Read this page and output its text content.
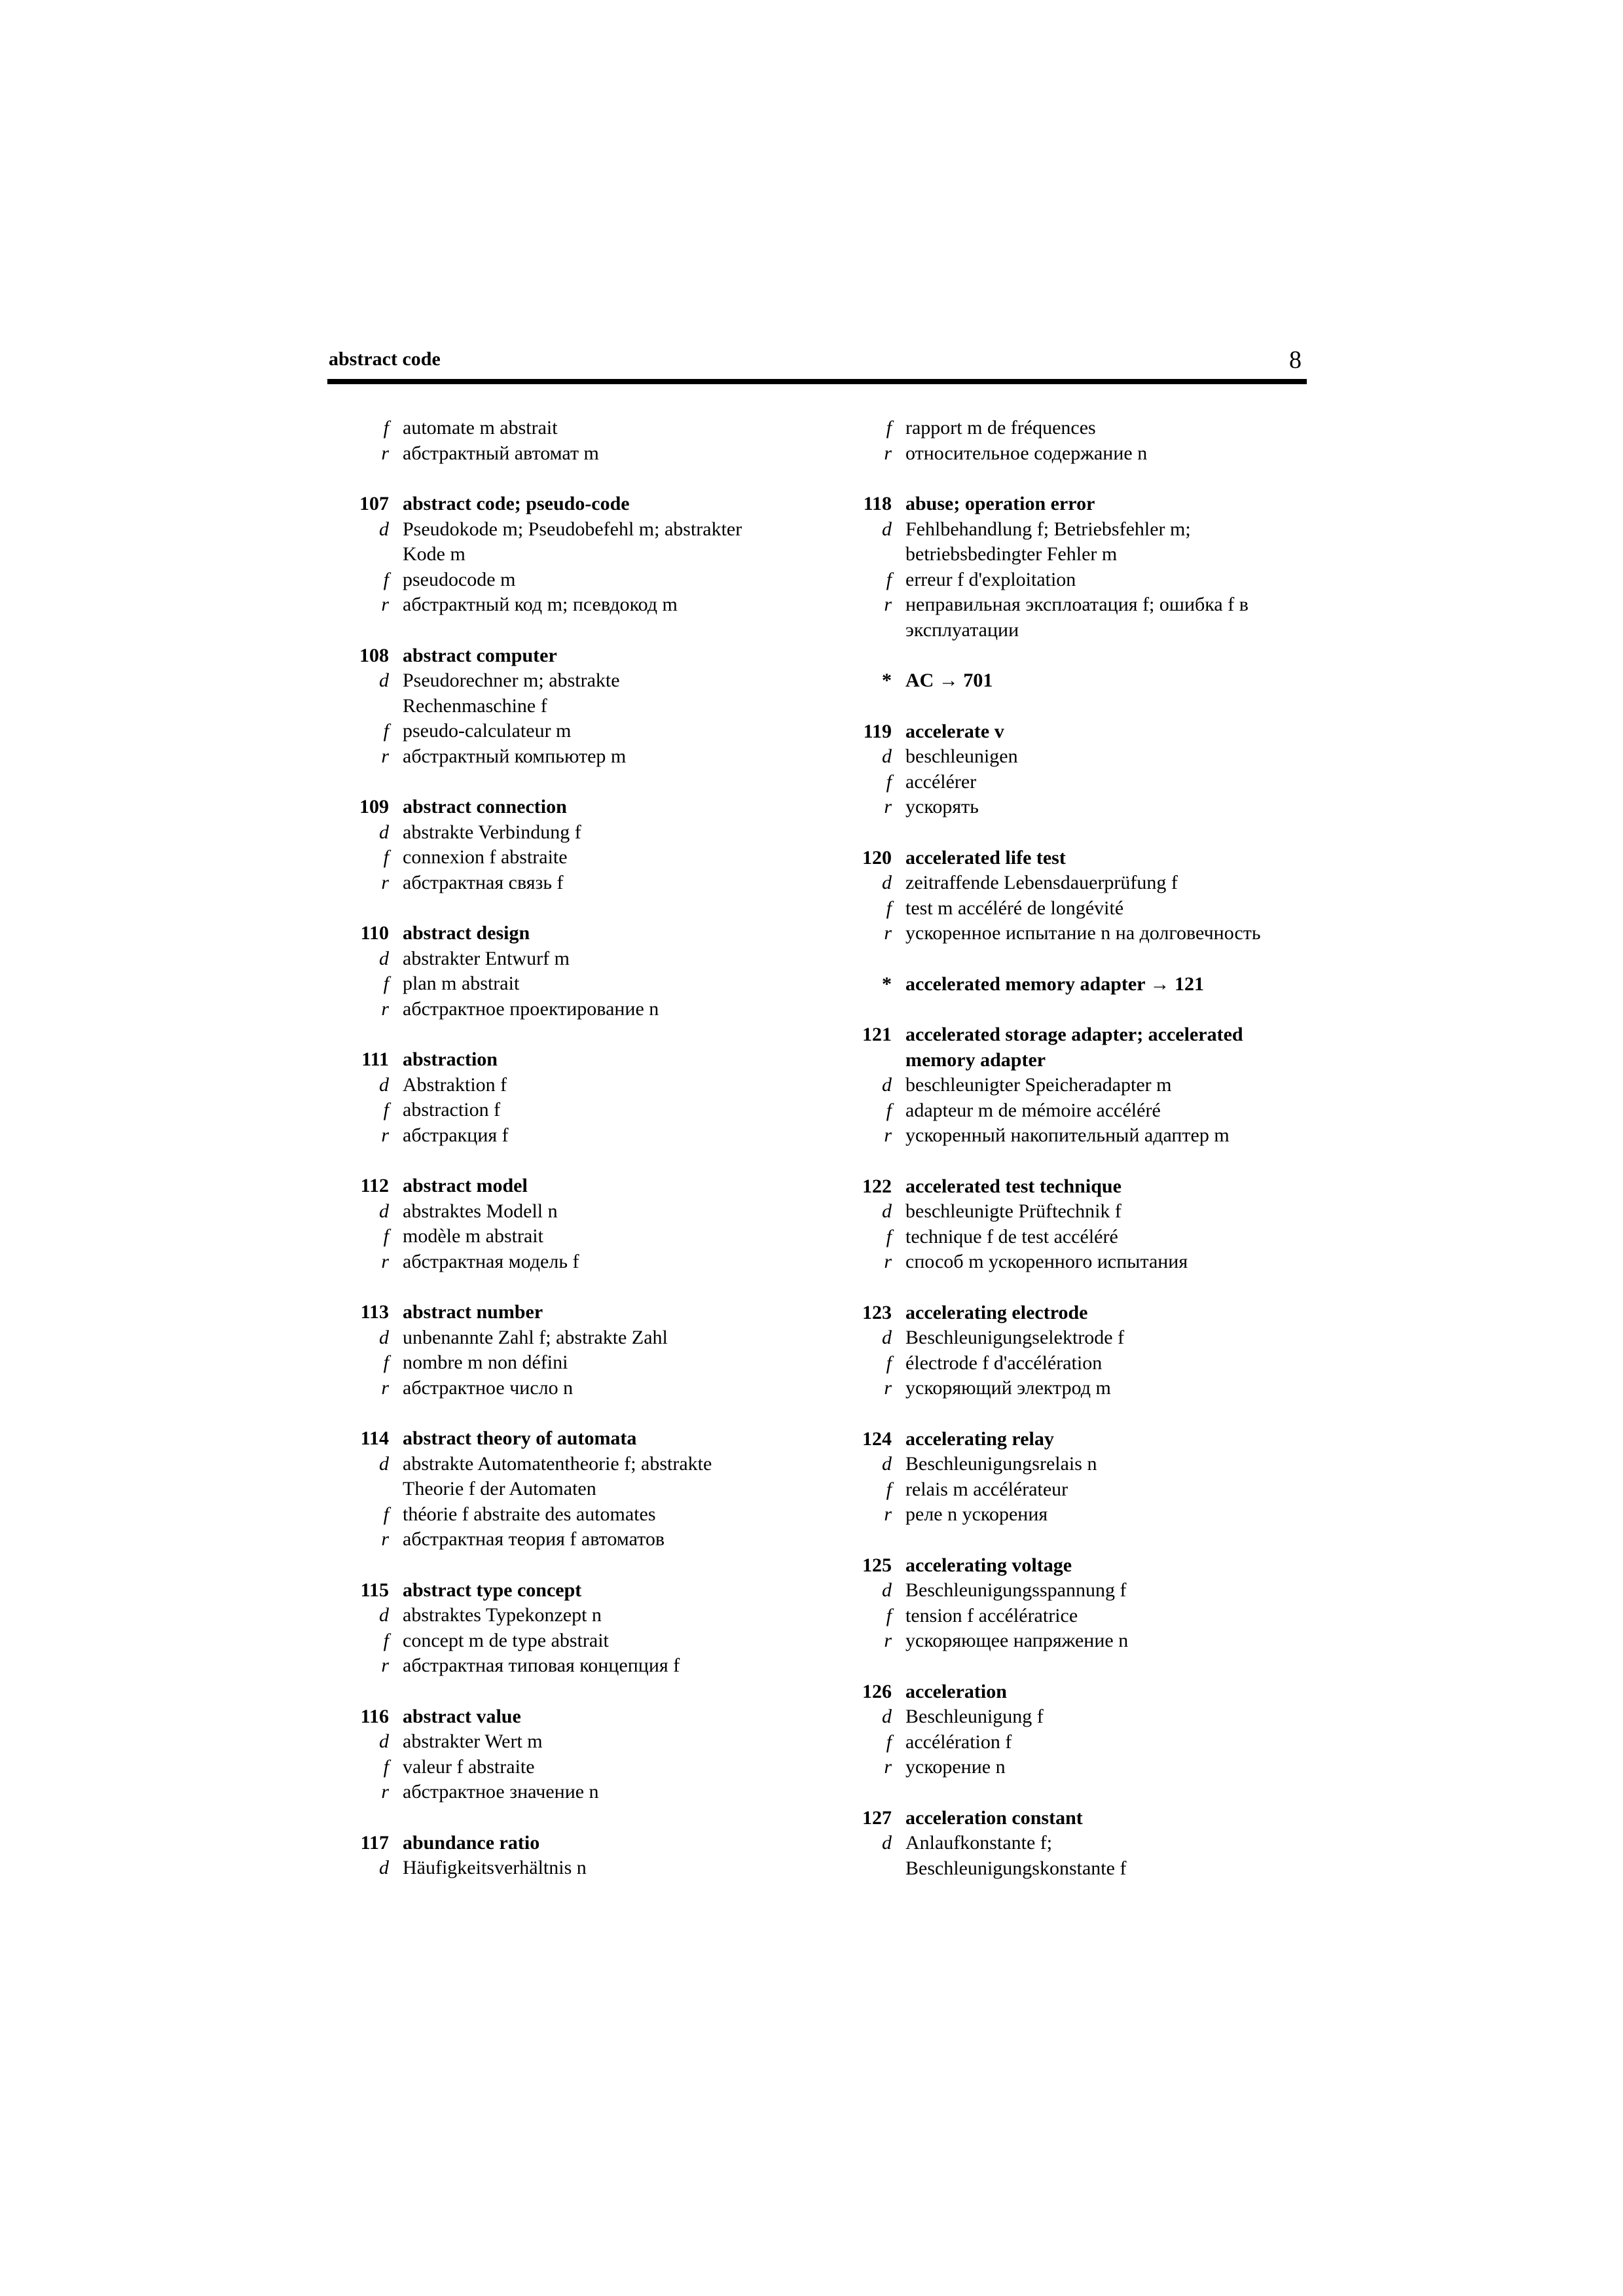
abstract code	8
f automate m abstrait
r абстрактный автомат m
107 abstract code; pseudo-code
d Pseudokode m; Pseudobefehl m; abstrakter
Kode m
f pseudocode m
r абстрактный код m; псевдокод m
108 abstract computer
d Pseudorechner m; abstrakte
Rechenmaschine f
f pseudo-calculateur m
r абстрактный компьютер m
109 abstract connection
d abstrakte Verbindung f
f connexion f abstraite
r абстрактная связь f
110 abstract design
d abstrakter Entwurf m
f plan m abstrait
r абстрактное проектирование n
111 abstraction
d Abstraktion f
f abstraction f
r абстракция f
112 abstract model
d abstraktes Modell n
f modèle m abstrait
r абстрактная модель f
113 abstract number
d unbenannte Zahl f; abstrakte Zahl
f nombre m non défini
r абстрактное число n
114 abstract theory of automata
d abstrakte Automatentheorie f; abstrakte
Theorie f der Automaten
f théorie f abstraite des automates
r абстрактная теория f автоматов
115 abstract type concept
d abstraktes Typekonzept n
f concept m de type abstrait
r абстрактная типовая концепция f
116 abstract value
d abstrakter Wert m
f valeur f abstraite
r абстрактное значение n
117 abundance ratio
d Häufigkeitsverhältnis n
f rapport m de fréquences
r относительное содержание n
118 abuse; operation error
d Fehlbehandlung f; Betriebsfehler m;
betriebsbedingter Fehler m
f erreur f d'exploitation
r неправильная эксплоатация f; ошибка f в
эксплуатации
* AC → 701
119 accelerate v
d beschleunigen
f accélérer
r ускорять
120 accelerated life test
d zeitraffende Lebensdauerprüfung f
f test m accéléré de longévité
r ускоренное испытание n на долговечность
* accelerated memory adapter → 121
121 accelerated storage adapter; accelerated
memory adapter
d beschleunigter Speicheradapter m
f adapteur m de mémoire accéléré
r ускоренный накопительный адаптер m
122 accelerated test technique
d beschleunigte Prüftechnik f
f technique f de test accéléré
r способ m ускоренного испытания
123 accelerating electrode
d Beschleunigungselektrode f
f électrode f d'accélération
r ускоряющий электрод m
124 accelerating relay
d Beschleunigungsrelais n
f relais m accélérateur
r реле n ускорения
125 accelerating voltage
d Beschleunigungsspannung f
f tension f accélératrice
r ускоряющее напряжение n
126 acceleration
d Beschleunigung f
f accélération f
r ускорение n
127 acceleration constant
d Anlaufkonstante f;
Beschleunigungskonstante f
